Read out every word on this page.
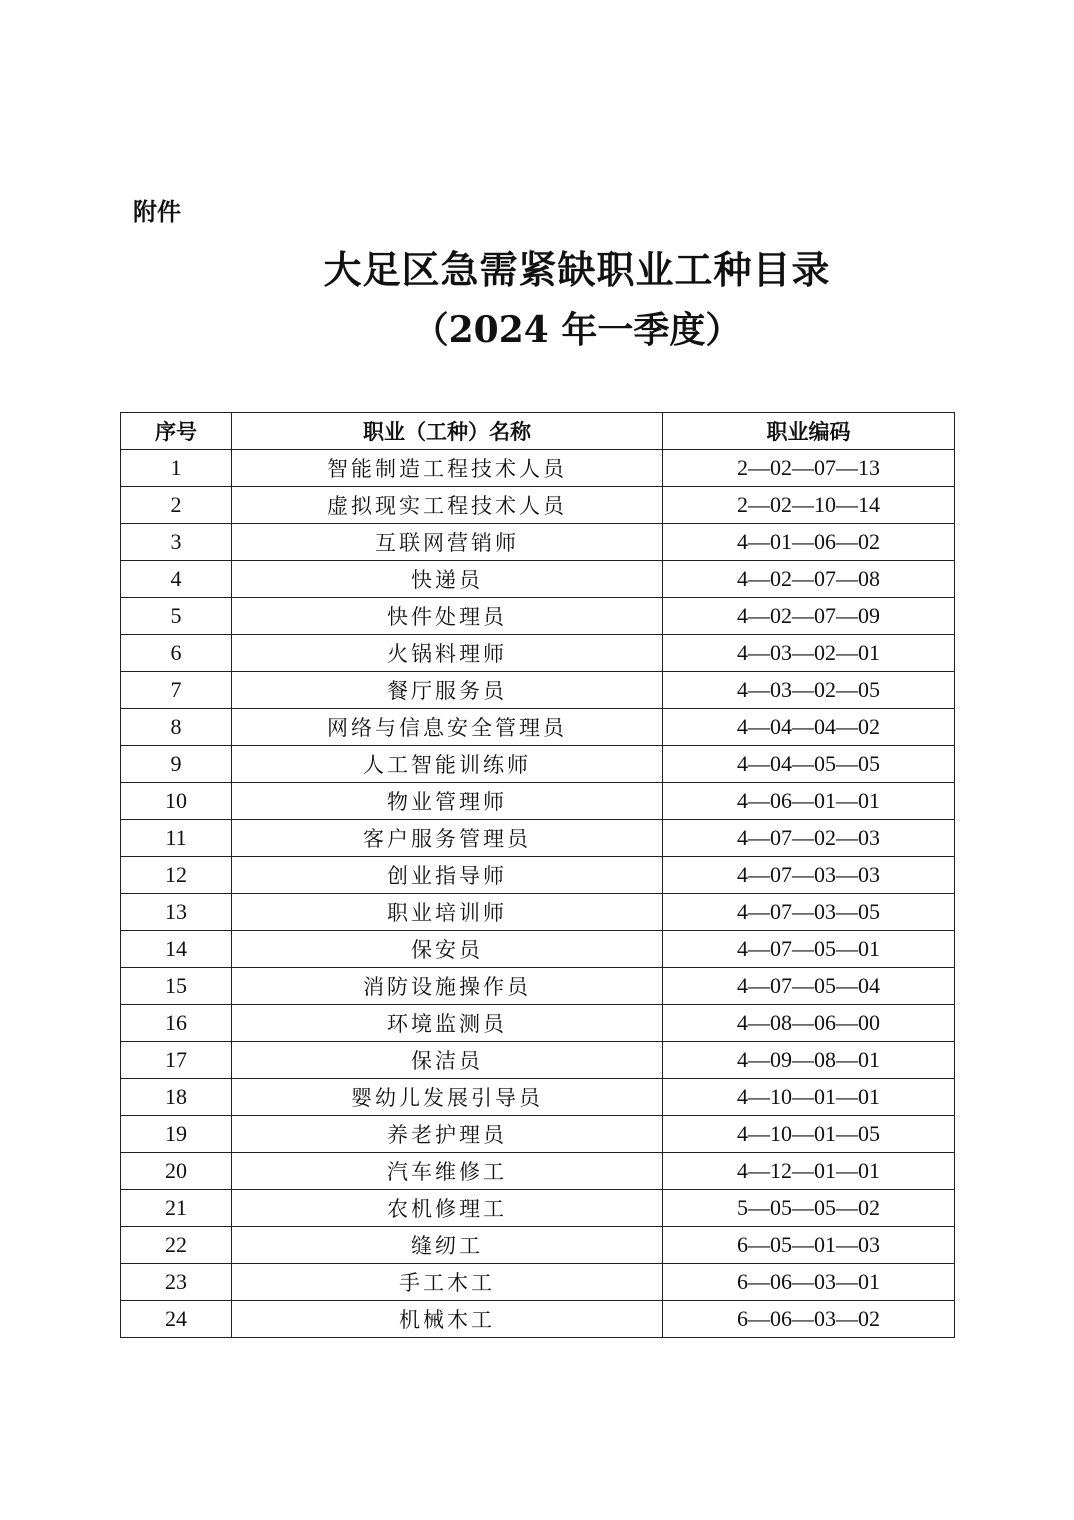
附件
大足区急需紧缺职业工种目录
（2024 年一季度）
序号	职业（工种）名称	职业编码
1	智能制造工程技术人员	2—02—07—13
2	虚拟现实工程技术人员	2—02—10—14
3	互联网营销师	4—01—06—02
4	快递员	4—02—07—08
5	快件处理员	4—02—07—09
6	火锅料理师	4—03—02—01
7	餐厅服务员	4—03—02—05
8	网络与信息安全管理员	4—04—04—02
9	人工智能训练师	4—04—05—05
10	物业管理师	4—06—01—01
11	客户服务管理员	4—07—02—03
12	创业指导师	4—07—03—03
13	职业培训师	4—07—03—05
14	保安员	4—07—05—01
15	消防设施操作员	4—07—05—04
16	环境监测员	4—08—06—00
17	保洁员	4—09—08—01
18	婴幼儿发展引导员	4—10—01—01
19	养老护理员	4—10—01—05
20	汽车维修工	4—12—01—01
21	农机修理工	5—05—05—02
22	缝纫工	6—05—01—03
23	手工木工	6—06—03—01
24	机械木工	6—06—03—02
